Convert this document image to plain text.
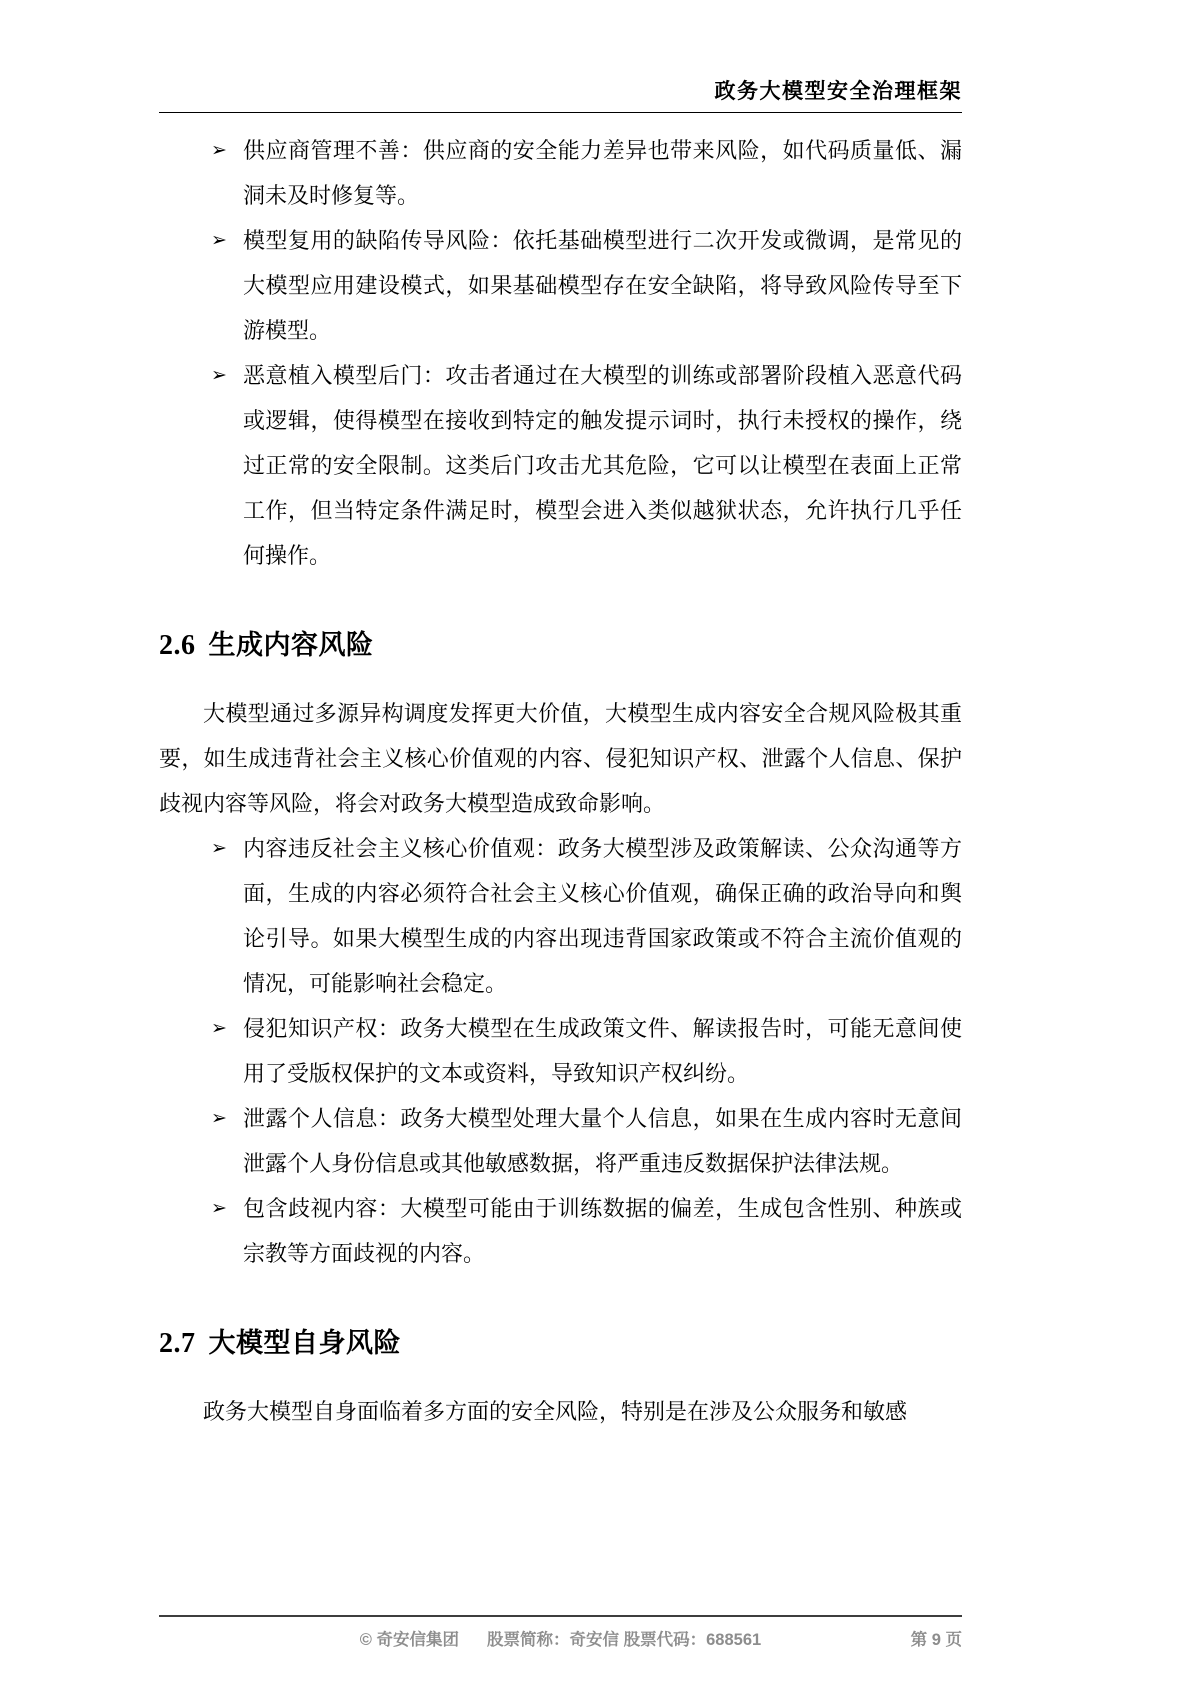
政务大模型安全治理框架
➢ 供应商管理不善：供应商的安全能力差异也带来风险，如代码质量低、漏洞未及时修复等。
➢ 模型复用的缺陷传导风险：依托基础模型进行二次开发或微调，是常见的大模型应用建设模式，如果基础模型存在安全缺陷，将导致风险传导至下游模型。
➢ 恶意植入模型后门：攻击者通过在大模型的训练或部署阶段植入恶意代码或逻辑，使得模型在接收到特定的触发提示词时，执行未授权的操作，绕过正常的安全限制。这类后门攻击尤其危险，它可以让模型在表面上正常工作，但当特定条件满足时，模型会进入类似越狱状态，允许执行几乎任何操作。
2.6 生成内容风险

大模型通过多源异构调度发挥更大价值，大模型生成内容安全合规风险极其重要，如生成违背社会主义核心价值观的内容、侵犯知识产权、泄露个人信息、保护歧视内容等风险，将会对政务大模型造成致命影响。

➢ 内容违反社会主义核心价值观：政务大模型涉及政策解读、公众沟通等方面，生成的内容必须符合社会主义核心价值观，确保正确的政治导向和舆论引导。如果大模型生成的内容出现违背国家政策或不符合主流价值观的情况，可能影响社会稳定。
➢ 侵犯知识产权：政务大模型在生成政策文件、解读报告时，可能无意间使用了受版权保护的文本或资料，导致知识产权纠纷。
➢ 泄露个人信息：政务大模型处理大量个人信息，如果在生成内容时无意间泄露个人身份信息或其他敏感数据，将严重违反数据保护法律法规。
➢ 包含歧视内容：大模型可能由于训练数据的偏差，生成包含性别、种族或宗教等方面歧视的内容。
2.7 大模型自身风险

政务大模型自身面临着多方面的安全风险，特别是在涉及公众服务和敏感

© 奇安信集团 股票简称：奇安信 股票代码：688561	第 9 页
